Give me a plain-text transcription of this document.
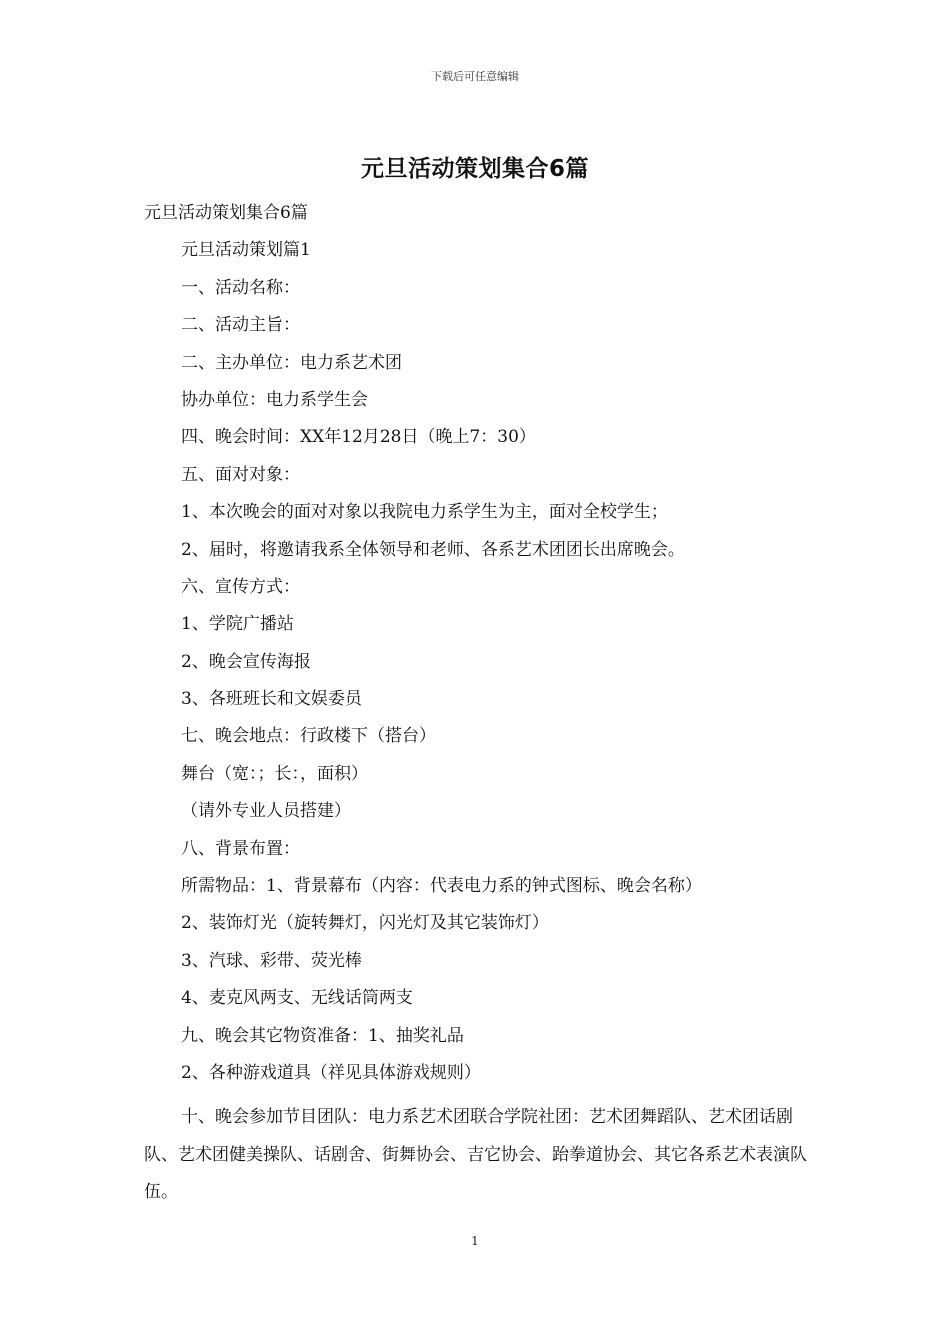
下载后可任意编辑
元旦活动策划集合6篇
元旦活动策划集合6篇
元旦活动策划篇1
一、活动名称：
二、活动主旨：
二、主办单位：电力系艺术团
协办单位：电力系学生会
四、晚会时间：XX年12月28日（晚上7：30）
五、面对对象：
1、本次晚会的面对对象以我院电力系学生为主，面对全校学生；
2、届时，将邀请我系全体领导和老师、各系艺术团团长出席晚会。
六、宣传方式：
1、学院广播站
2、晚会宣传海报
3、各班班长和文娱委员
七、晚会地点：行政楼下（搭台）
舞台（宽：；长：，面积）
（请外专业人员搭建）
八、背景布置：
所需物品：1、背景幕布（内容：代表电力系的钟式图标、晚会名称）
2、装饰灯光（旋转舞灯，闪光灯及其它装饰灯）
3、汽球、彩带、荧光棒
4、麦克风两支、无线话筒两支
九、晚会其它物资准备：1、抽奖礼品
2、各种游戏道具（祥见具体游戏规则）
十、晚会参加节目团队：电力系艺术团联合学院社团：艺术团舞蹈队、艺术团话剧队、艺术团健美操队、话剧舍、街舞协会、吉它协会、跆拳道协会、其它各系艺术表演队伍。
1
